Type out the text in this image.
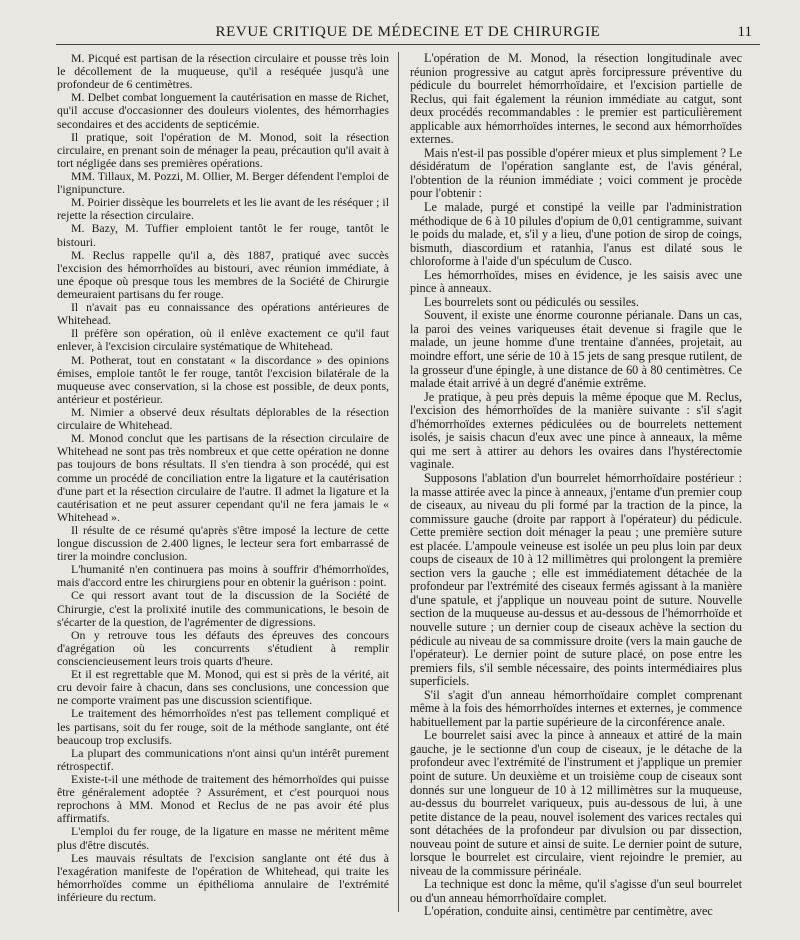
REVUE CRITIQUE DE MÉDECINE ET DE CHIRURGIE	11

M. Picqué est partisan de la résection circulaire et pousse très loin le décollement de la muqueuse, qu'il a reséquée jusqu'à une profondeur de 6 centimètres.

M. Delbet combat longuement la cautérisation en masse de Richet, qu'il accuse d'occasionner des douleurs violentes, des hémorrhagies secondaires et des accidents de septicémie.

Il pratique, soit l'opération de M. Monod, soit la résection circulaire, en prenant soin de ménager la peau, précaution qu'il avait à tort négligée dans ses premières opérations.

MM. Tillaux, M. Pozzi, M. Ollier, M. Berger défendent l'emploi de l'ignipuncture.

M. Poirier dissèque les bourrelets et les lie avant de les réséquer ; il rejette la résection circulaire.

M. Bazy, M. Tuffier emploient tantôt le fer rouge, tantôt le bistouri.

M. Reclus rappelle qu'il a, dès 1887, pratiqué avec succès l'excision des hémorrhoïdes au bistouri, avec réunion immédiate, à une époque où presque tous les membres de la Société de Chirurgie demeuraient partisans du fer rouge.

Il n'avait pas eu connaissance des opérations antérieures de Whitehead.

Il préfère son opération, où il enlève exactement ce qu'il faut enlever, à l'excision circulaire systématique de Whitehead.

M. Potherat, tout en constatant « la discordance » des opinions émises, emploie tantôt le fer rouge, tantôt l'excision bilatérale de la muqueuse avec conservation, si la chose est possible, de deux ponts, antérieur et postérieur.

M. Nimier a observé deux résultats déplorables de la résection circulaire de Whitehead.

M. Monod conclut que les partisans de la résection circulaire de Whitehead ne sont pas très nombreux et que cette opération ne donne pas toujours de bons résultats. Il s'en tiendra à son procédé, qui est comme un procédé de conciliation entre la ligature et la cautérisation d'une part et la résection circulaire de l'autre. Il admet la ligature et la cautérisation et ne peut assurer cependant qu'il ne fera jamais le « Whitehead ».

Il résulte de ce résumé qu'après s'être imposé la lecture de cette longue discussion de 2.400 lignes, le lecteur sera fort embarrassé de tirer la moindre conclusion.

L'humanité n'en continuera pas moins à souffrir d'hémorrhoïdes, mais d'accord entre les chirurgiens pour en obtenir la guérison : point.

Ce qui ressort avant tout de la discussion de la Société de Chirurgie, c'est la prolixité inutile des communications, le besoin de s'écarter de la question, de l'agrémenter de digressions.

On y retrouve tous les défauts des épreuves des concours d'agrégation où les concurrents s'étudient à remplir consciencieusement leurs trois quarts d'heure.

Et il est regrettable que M. Monod, qui est si près de la vérité, ait cru devoir faire à chacun, dans ses conclusions, une concession que ne comporte vraiment pas une discussion scientifique.

Le traitement des hémorrhoïdes n'est pas tellement compliqué et les partisans, soit du fer rouge, soit de la méthode sanglante, ont été beaucoup trop exclusifs.

La plupart des communications n'ont ainsi qu'un intérêt purement rétrospectif.

Existe-t-il une méthode de traitement des hémorrhoïdes qui puisse être généralement adoptée ? Assurément, et c'est pourquoi nous reprochons à MM. Monod et Reclus de ne pas avoir été plus affirmatifs.

L'emploi du fer rouge, de la ligature en masse ne méritent même plus d'être discutés.

Les mauvais résultats de l'excision sanglante ont été dus à l'exagération manifeste de l'opération de Whitehead, qui traite les hémorrhoïdes comme un épithélioma annulaire de l'extrémité inférieure du rectum.

L'opération de M. Monod, la résection longitudinale avec réunion progressive au catgut après forcipressure préventive du pédicule du bourrelet hémorrhoïdaire, et l'excision partielle de Reclus, qui fait également la réunion immédiate au catgut, sont deux procédés recommandables : le premier est particulièrement applicable aux hémorrhoïdes internes, le second aux hémorrhoïdes externes.

Mais n'est-il pas possible d'opérer mieux et plus simplement ? Le désidératum de l'opération sanglante est, de l'avis général, l'obtention de la réunion immédiate ; voici comment je procède pour l'obtenir :

Le malade, purgé et constipé la veille par l'administration méthodique de 6 à 10 pilules d'opium de 0,01 centigramme, suivant le poids du malade, et, s'il y a lieu, d'une potion de sirop de coings, bismuth, diascordium et ratanhia, l'anus est dilaté sous le chloroforme à l'aide d'un spéculum de Cusco.

Les hémorrhoïdes, mises en évidence, je les saisis avec une pince à anneaux.

Les bourrelets sont ou pédiculés ou sessiles.

Souvent, il existe une énorme couronne périanale. Dans un cas, la paroi des veines variqueuses était devenue si fragile que le malade, un jeune homme d'une trentaine d'années, projetait, au moindre effort, une série de 10 à 15 jets de sang presque rutilent, de la grosseur d'une épingle, à une distance de 60 à 80 centimètres. Ce malade était arrivé à un degré d'anémie extrême.

Je pratique, à peu près depuis la même époque que M. Reclus, l'excision des hémorrhoïdes de la manière suivante : s'il s'agit d'hémorrhoïdes externes pédiculées ou de bourrelets nettement isolés, je saisis chacun d'eux avec une pince à anneaux, la même qui me sert à attirer au dehors les ovaires dans l'hystérectomie vaginale.

Supposons l'ablation d'un bourrelet hémorrhoïdaire postérieur : la masse attirée avec la pince à anneaux, j'entame d'un premier coup de ciseaux, au niveau du pli formé par la traction de la pince, la commissure gauche (droite par rapport à l'opérateur) du pédicule. Cette première section doit ménager la peau ; une première suture est placée. L'ampoule veineuse est isolée un peu plus loin par deux coups de ciseaux de 10 à 12 millimètres qui prolongent la première section vers la gauche ; elle est immédiatement détachée de la profondeur par l'extrémité des ciseaux fermés agissant à la manière d'une spatule, et j'applique un nouveau point de suture. Nouvelle section de la muqueuse au-dessus et au-dessous de l'hémorrhoïde et nouvelle suture ; un dernier coup de ciseaux achève la section du pédicule au niveau de sa commissure droite (vers la main gauche de l'opérateur). Le dernier point de suture placé, on pose entre les premiers fils, s'il semble nécessaire, des points intermédiaires plus superficiels.

S'il s'agit d'un anneau hémorrhoïdaire complet comprenant même à la fois des hémorrhoïdes internes et externes, je commence habituellement par la partie supérieure de la circonférence anale.

Le bourrelet saisi avec la pince à anneaux et attiré de la main gauche, je le sectionne d'un coup de ciseaux, je le détache de la profondeur avec l'extrémité de l'instrument et j'applique un premier point de suture. Un deuxième et un troisième coup de ciseaux sont donnés sur une longueur de 10 à 12 millimètres sur la muqueuse, au-dessus du bourrelet variqueux, puis au-dessous de lui, à une petite distance de la peau, nouvel isolement des varices rectales qui sont détachées de la profondeur par divulsion ou par dissection, nouveau point de suture et ainsi de suite. Le dernier point de suture, lorsque le bourrelet est circulaire, vient rejoindre le premier, au niveau de la commissure périnéale.

La technique est donc la même, qu'il s'agisse d'un seul bourrelet ou d'un anneau hémorrhoïdaire complet.

L'opération, conduite ainsi, centimètre par centimètre, avec
